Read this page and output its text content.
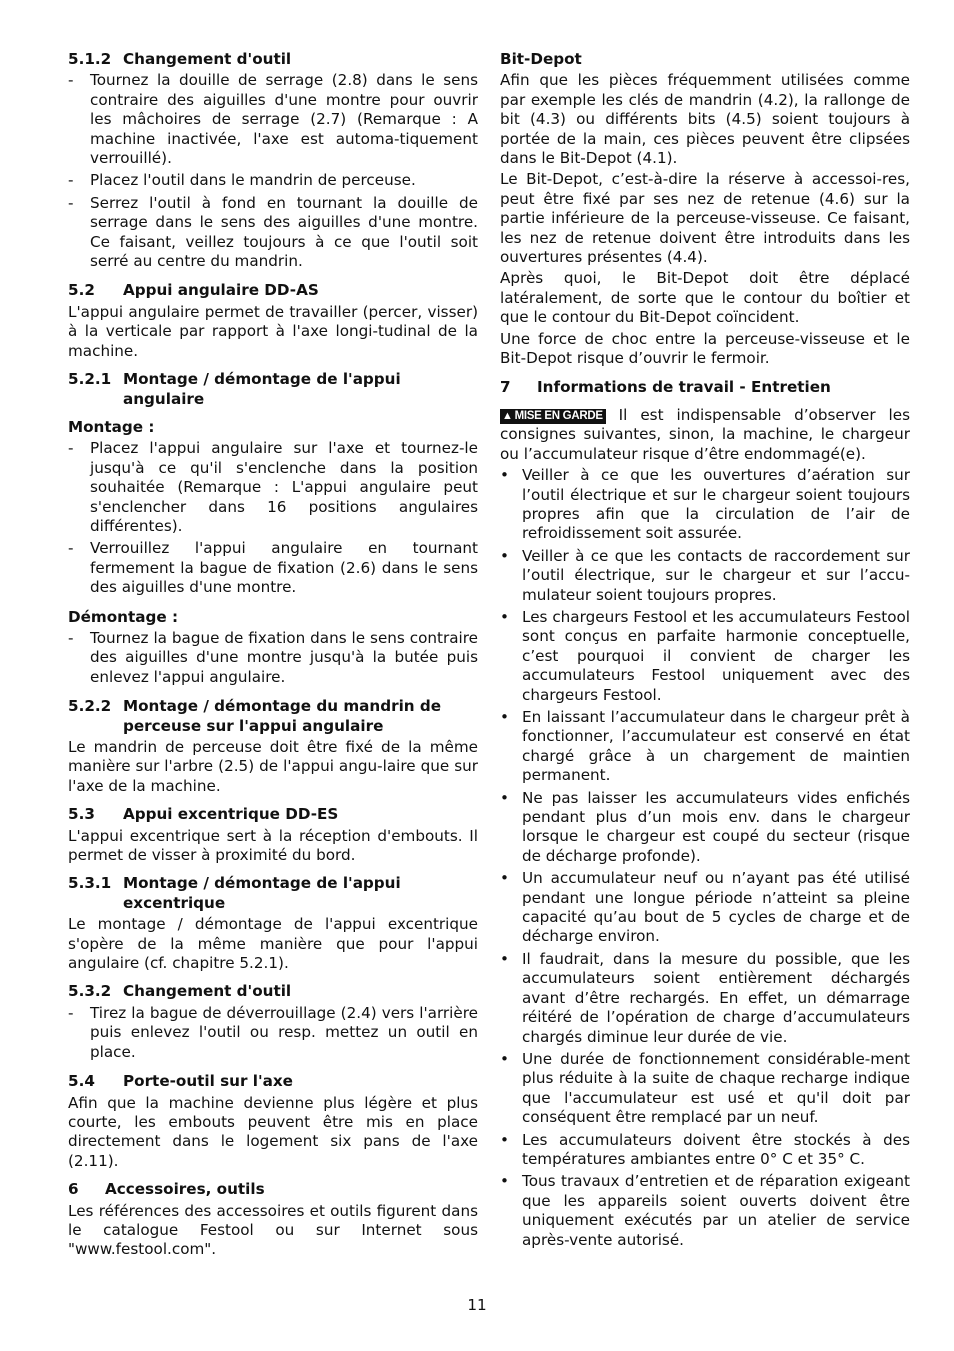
5.1.2 Changement d'outil
- Tournez la douille de serrage (2.8) dans le sens contraire des aiguilles d'une montre pour ouvrir les mâchoires de serrage (2.7) (Remarque : A machine inactivée, l'axe est automa-tiquement verrouillé).
- Placez l'outil dans le mandrin de perceuse.
- Serrez l'outil à fond en tournant la douille de serrage dans le sens des aiguilles d'une montre. Ce faisant, veillez toujours à ce que l'outil soit serré au centre du mandrin.
5.2	Appui angulaire DD-AS

L'appui angulaire permet de travailler (percer, visser) à la verticale par rapport à l'axe longi-tudinal de la machine.

5.2.1 Montage / démontage de l'appui angulaire
Montage :
- Placez l'appui angulaire sur l'axe et tournez-le jusqu'à ce qu'il s'enclenche dans la position souhaitée (Remarque : L'appui angulaire peut s'enclencher dans 16 positions angulaires différentes).
- Verrouillez l'appui angulaire en tournant fermement la bague de fixation (2.6) dans le sens des aiguilles d'une montre.
Démontage :
- Tournez la bague de fixation dans le sens contraire des aiguilles d'une montre jusqu'à la butée puis enlevez l'appui angulaire.
5.2.2 Montage / démontage du mandrin de perceuse sur l'appui angulaire

Le mandrin de perceuse doit être fixé de la même manière sur l'arbre (2.5) de l'appui angu-laire que sur l'axe de la machine.

5.3	Appui excentrique DD-ES

L'appui excentrique sert à la réception d'embouts. Il permet de visser à proximité du bord.

5.3.1 Montage / démontage de l'appui excentrique

Le montage / démontage de l'appui excentrique s'opère de la même manière que pour l'appui angulaire (cf. chapitre 5.2.1).

5.3.2 Changement d'outil
- Tirez la bague de déverrouillage (2.4) vers l'arrière puis enlevez l'outil ou resp. mettez un outil en place.
5.4	Porte-outil sur l'axe

Afin que la machine devienne plus légère et plus courte, les embouts peuvent être mis en place directement dans le logement six pans de l'axe (2.11).

6	Accessoires, outils

Les références des accessoires et outils figurent dans le catalogue Festool ou sur Internet sous "www.festool.com".

Bit-Depot

Afin que les pièces fréquemment utilisées comme par exemple les clés de mandrin (4.2), la rallonge de bit (4.3) ou différents bits (4.5) soient toujours à portée de la main, ces pièces peuvent être clipsées dans le Bit-Depot (4.1).

Le Bit-Depot, c’est-à-dire la réserve à accessoi-res, peut être fixé par ses nez de retenue (4.6) sur la partie inférieure de la perceuse-visseuse. Ce faisant, les nez de retenue doivent être introduits dans les ouvertures présentes (4.4).

Après quoi, le Bit-Depot doit être déplacé latéralement, de sorte que le contour du boîtier et que le contour du Bit-Depot coïncident.

Une force de choc entre la perceuse-visseuse et le Bit-Depot risque d’ouvrir le fermoir.

7	Informations de travail - Entretien

▲ MISE EN GARDE Il est indispensable d’observer les consignes suivantes, sinon, la machine, le chargeur ou l’accumulateur risque d’être endommagé(e).

• Veiller à ce que les ouvertures d’aération sur l’outil électrique et sur le chargeur soient toujours propres afin que la circulation de l’air de refroidissement soit assurée.
• Veiller à ce que les contacts de raccordement sur l’outil électrique, sur le chargeur et sur l’accu-mulateur soient toujours propres.
• Les chargeurs Festool et les accumulateurs Festool sont conçus en parfaite harmonie conceptuelle, c’est pourquoi il convient de charger les accumulateurs Festool uniquement avec des chargeurs Festool.
• En laissant l’accumulateur dans le chargeur prêt à fonctionner, l’accumulateur est conservé en état chargé grâce à un chargement de maintien permanent.
• Ne pas laisser les accumulateurs vides enfichés pendant plus d’un mois env. dans le chargeur lorsque le chargeur est coupé du secteur (risque de décharge profonde).
• Un accumulateur neuf ou n’ayant pas été utilisé pendant une longue période n’atteint sa pleine capacité qu’au bout de 5 cycles de charge et de décharge environ.
• Il faudrait, dans la mesure du possible, que les accumulateurs soient entièrement déchargés avant d’être rechargés. En effet, un démarrage réitéré de l’opération de charge d’accumulateurs chargés diminue leur durée de vie.
• Une durée de fonctionnement considérable-ment plus réduite à la suite de chaque recharge indique que l'accumulateur est usé et qu'il doit par conséquent être remplacé par un neuf.
• Les accumulateurs doivent être stockés à des températures ambiantes entre 0° C et 35° C.
• Tous travaux d’entretien et de réparation exigeant que les appareils soient ouverts doivent être uniquement exécutés par un atelier de service après-vente autorisé.
11
